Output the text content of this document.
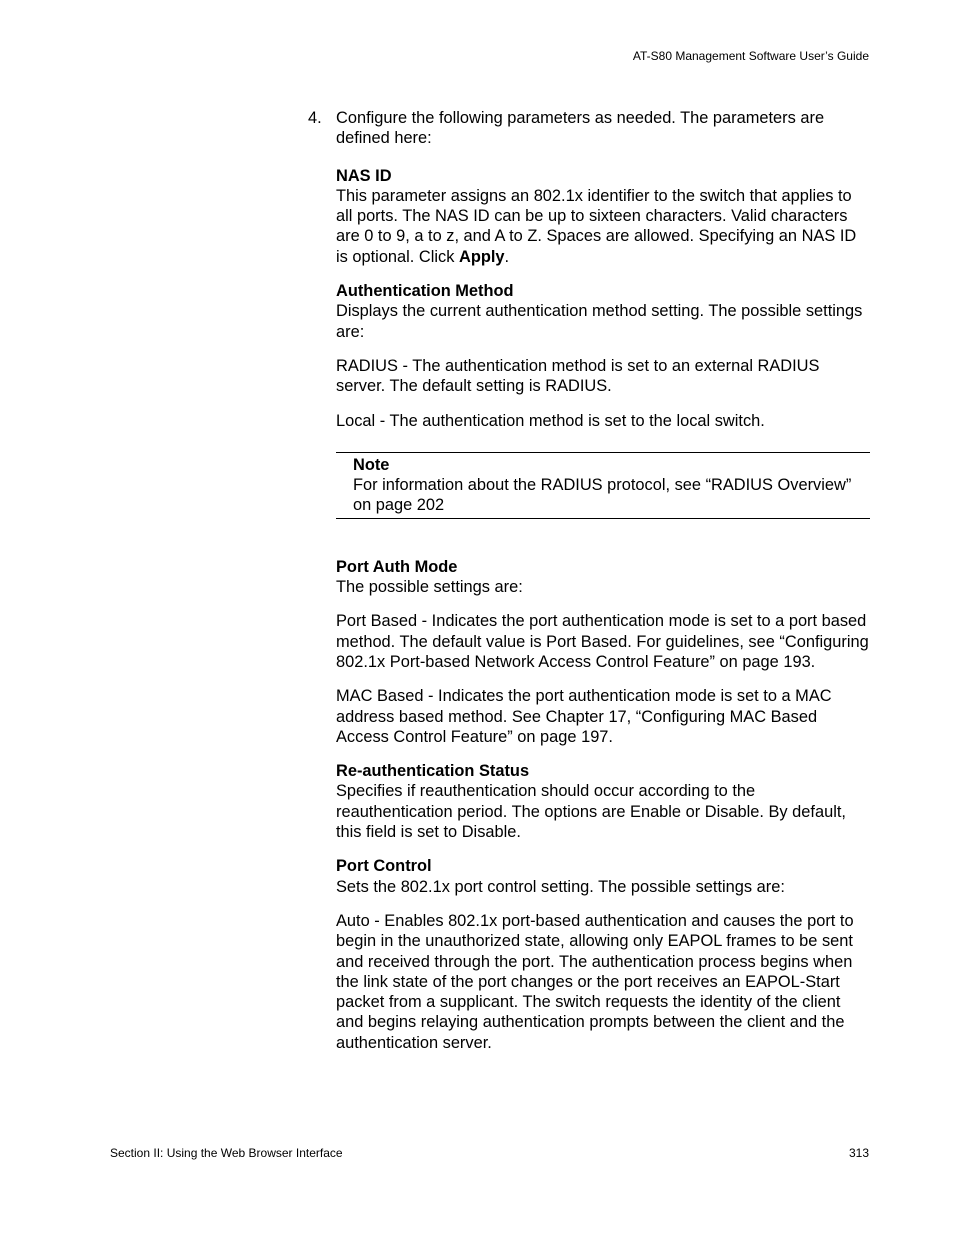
AT-S80 Management Software User’s Guide
4. Configure the following parameters as needed. The parameters are defined here:
NAS ID
This parameter assigns an 802.1x identifier to the switch that applies to all ports. The NAS ID can be up to sixteen characters. Valid characters are 0 to 9, a to z, and A to Z. Spaces are allowed. Specifying an NAS ID is optional. Click Apply.
Authentication Method
Displays the current authentication method setting. The possible settings are:

RADIUS - The authentication method is set to an external RADIUS server. The default setting is RADIUS.

Local - The authentication method is set to the local switch.

Note
For information about the RADIUS protocol, see “RADIUS Overview” on page 202
Port Auth Mode
The possible settings are:

Port Based - Indicates the port authentication mode is set to a port based method. The default value is Port Based. For guidelines, see “Configuring 802.1x Port-based Network Access Control Feature” on page 193.

MAC Based - Indicates the port authentication mode is set to a MAC address based method. See Chapter 17, “Configuring MAC Based Access Control Feature” on page 197.

Re-authentication Status
Specifies if reauthentication should occur according to the reauthentication period. The options are Enable or Disable. By default, this field is set to Disable.
Port Control
Sets the 802.1x port control setting. The possible settings are:

Auto - Enables 802.1x port-based authentication and causes the port to begin in the unauthorized state, allowing only EAPOL frames to be sent and received through the port. The authentication process begins when the link state of the port changes or the port receives an EAPOL-Start packet from a supplicant. The switch requests the identity of the client and begins relaying authentication prompts between the client and the authentication server.

Section II: Using the Web Browser Interface	313
